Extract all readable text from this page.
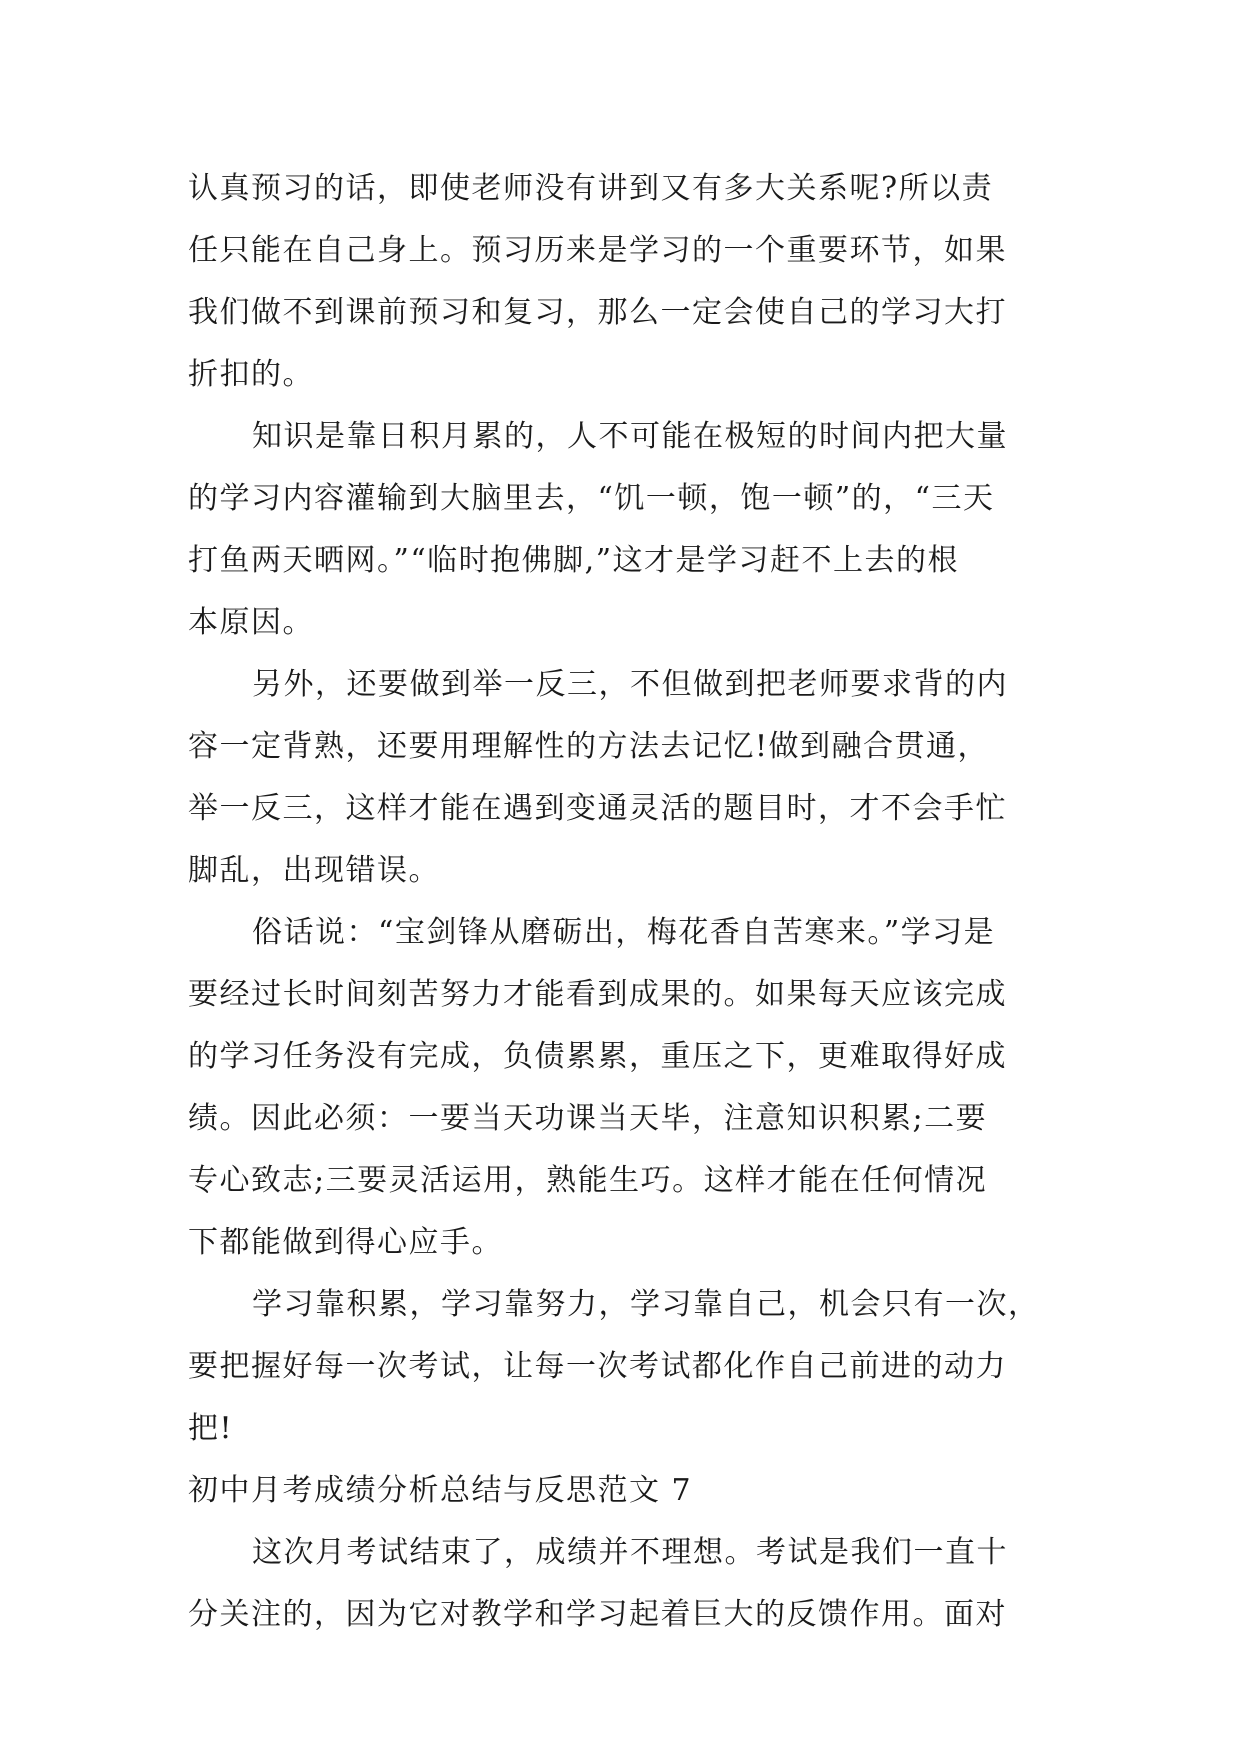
认真预习的话，即使老师没有讲到又有多大关系呢?所以责
任只能在自己身上。预习历来是学习的一个重要环节，如果
我们做不到课前预习和复习，那么一定会使自己的学习大打
折扣的。
知识是靠日积月累的，人不可能在极短的时间内把大量
的学习内容灌输到大脑里去，“饥一顿，饱一顿”的，“三天
打鱼两天晒网。”“临时抱佛脚,”这才是学习赶不上去的根
本原因。
另外，还要做到举一反三，不但做到把老师要求背的内
容一定背熟，还要用理解性的方法去记忆!做到融合贯通，
举一反三，这样才能在遇到变通灵活的题目时，才不会手忙
脚乱，出现错误。
俗话说：“宝剑锋从磨砺出，梅花香自苦寒来。”学习是
要经过长时间刻苦努力才能看到成果的。如果每天应该完成
的学习任务没有完成，负债累累，重压之下，更难取得好成
绩。因此必须：一要当天功课当天毕，注意知识积累;二要
专心致志;三要灵活运用，熟能生巧。这样才能在任何情况
下都能做到得心应手。
学习靠积累，学习靠努力，学习靠自己，机会只有一次，
要把握好每一次考试，让每一次考试都化作自己前进的动力
把!
初中月考成绩分析总结与反思范文 7
这次月考试结束了，成绩并不理想。考试是我们一直十
分关注的，因为它对教学和学习起着巨大的反馈作用。面对
